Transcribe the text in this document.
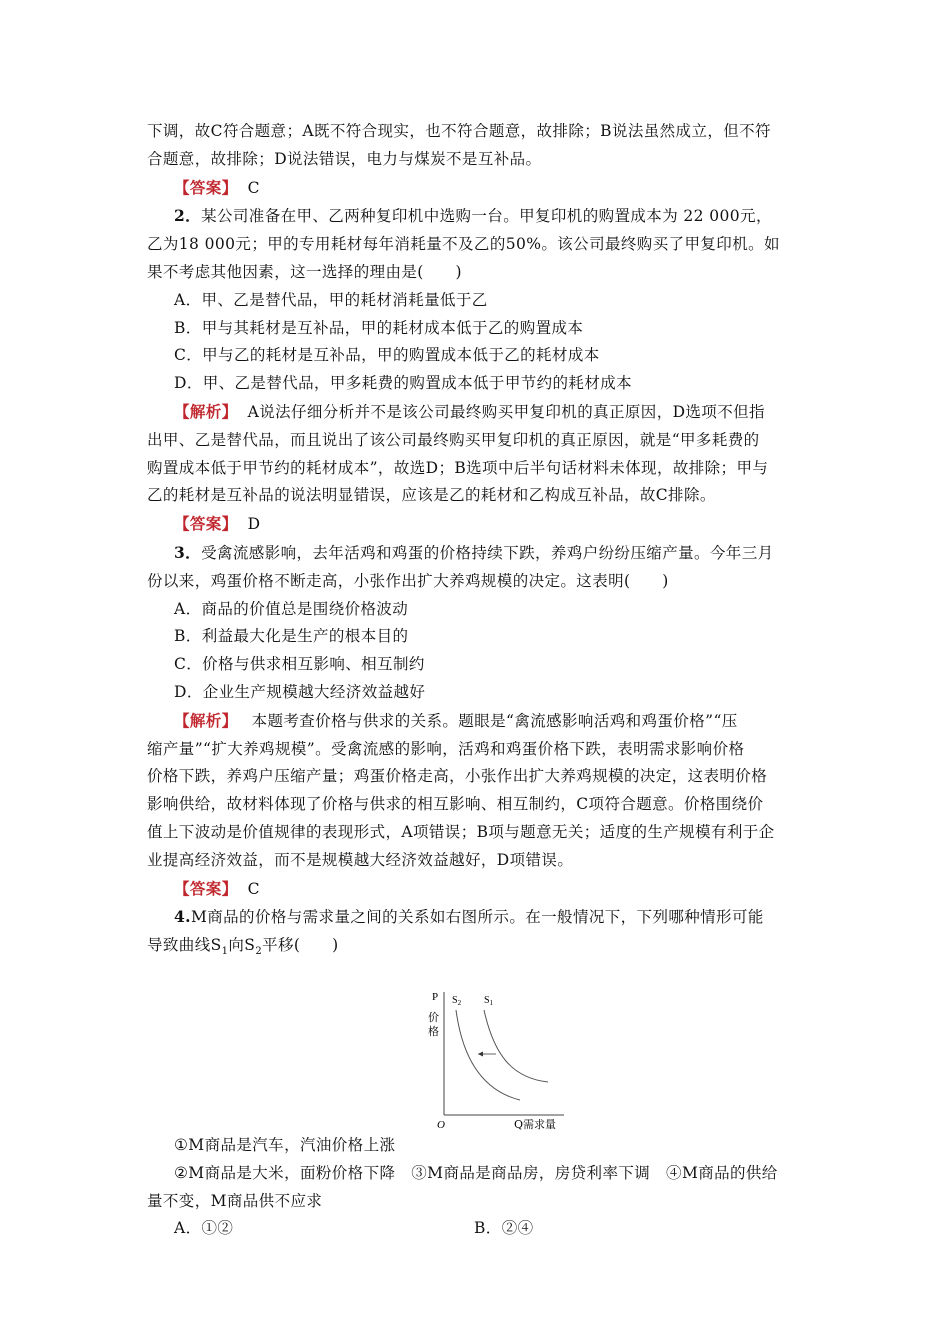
下调，故C符合题意；A既不符合现实，也不符合题意，故排除；B说法虽然成立，但不符

合题意，故排除；D说法错误，电力与煤炭不是互补品。

【答案】 C

2．某公司准备在甲、乙两种复印机中选购一台。甲复印机的购置成本为 22 000元，

乙为18 000元；甲的专用耗材每年消耗量不及乙的50%。该公司最终购买了甲复印机。如

果不考虑其他因素，这一选择的理由是(　　)

A．甲、乙是替代品，甲的耗材消耗量低于乙

B．甲与其耗材是互补品，甲的耗材成本低于乙的购置成本

C．甲与乙的耗材是互补品，甲的购置成本低于乙的耗材成本

D．甲、乙是替代品，甲多耗费的购置成本低于甲节约的耗材成本

【解析】 A说法仔细分析并不是该公司最终购买甲复印机的真正原因，D选项不但指

出甲、乙是替代品，而且说出了该公司最终购买甲复印机的真正原因，就是“甲多耗费的

购置成本低于甲节约的耗材成本”，故选D；B选项中后半句话材料未体现，故排除；甲与

乙的耗材是互补品的说法明显错误，应该是乙的耗材和乙构成互补品，故C排除。

【答案】 D

3．受禽流感影响，去年活鸡和鸡蛋的价格持续下跌，养鸡户纷纷压缩产量。今年三月

份以来，鸡蛋价格不断走高，小张作出扩大养鸡规模的决定。这表明(　　)

A．商品的价值总是围绕价格波动

B．利益最大化是生产的根本目的

C．价格与供求相互影响、相互制约

D．企业生产规模越大经济效益越好

【解析】 本题考查价格与供求的关系。题眼是“禽流感影响活鸡和鸡蛋价格”“压

缩产量”“扩大养鸡规模”。受禽流感的影响，活鸡和鸡蛋价格下跌，表明需求影响价格

价格下跌，养鸡户压缩产量；鸡蛋价格走高，小张作出扩大养鸡规模的决定，这表明价格

影响供给，故材料体现了价格与供求的相互影响、相互制约，C项符合题意。价格围绕价

值上下波动是价值规律的表现形式，A项错误；B项与题意无关；适度的生产规模有利于企

业提高经济效益，而不是规模越大经济效益越好，D项错误。

【答案】 C

4.M商品的价格与需求量之间的关系如右图所示。在一般情况下，下列哪种情形可能

导致曲线$S_1$向$S_2$平移(　　)

P
价
格
O	Q需求量
$S_2$ $S_1$

①M商品是汽车，汽油价格上涨

②M商品是大米，面粉价格下降　③M商品是商品房，房贷利率下调　④M商品的供给

量不变，M商品供不应求

A．①②	B．②④
